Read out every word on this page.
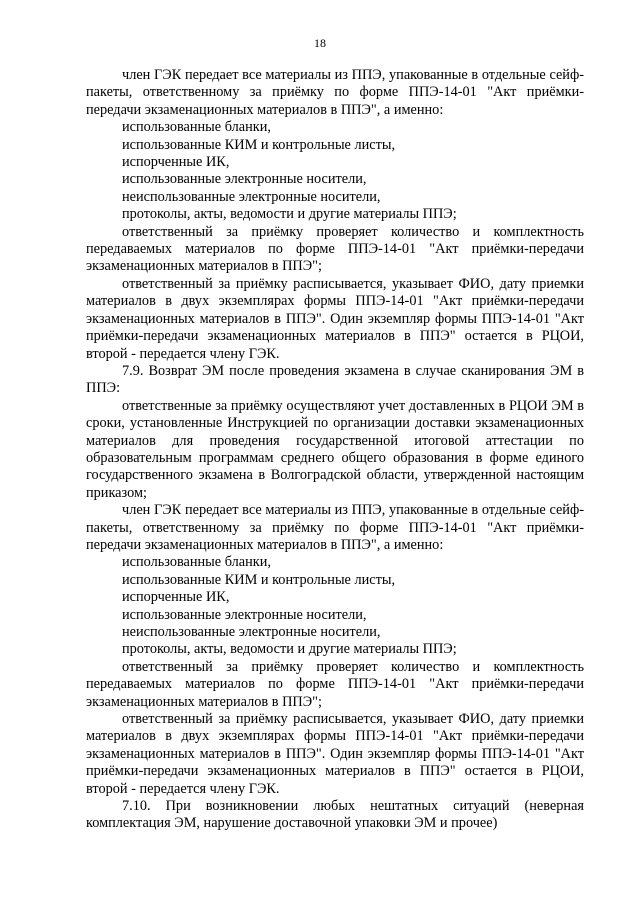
18

член ГЭК передает все материалы из ППЭ, упакованные в отдельные сейф-пакеты, ответственному за приёмку по форме ППЭ-14-01 "Акт приёмки-передачи экзаменационных материалов в ППЭ", а именно:

использованные бланки,

использованные КИМ и контрольные листы,

испорченные ИК,

использованные электронные носители,

неиспользованные электронные носители,

протоколы, акты, ведомости и другие материалы ППЭ;

ответственный за приёмку проверяет количество и комплектность передаваемых материалов по форме ППЭ-14-01 "Акт приёмки-передачи экзаменационных материалов в ППЭ";

ответственный за приёмку расписывается, указывает ФИО, дату приемки материалов в двух экземплярах формы ППЭ-14-01 "Акт приёмки-передачи экзаменационных материалов в ППЭ". Один экземпляр формы ППЭ-14-01 "Акт приёмки-передачи экзаменационных материалов в ППЭ" остается в РЦОИ, второй - передается члену ГЭК.

7.9. Возврат ЭМ после проведения экзамена в случае сканирования ЭМ в ППЭ:

ответственные за приёмку осуществляют учет доставленных в РЦОИ ЭМ в сроки, установленные Инструкцией по организации доставки экзаменационных материалов для проведения государственной итоговой аттестации по образовательным программам среднего общего образования в форме единого государственного экзамена в Волгоградской области, утвержденной настоящим приказом;

член ГЭК передает все материалы из ППЭ, упакованные в отдельные сейф-пакеты, ответственному за приёмку по форме ППЭ-14-01 "Акт приёмки-передачи экзаменационных материалов в ППЭ", а именно:

использованные бланки,

использованные КИМ и контрольные листы,

испорченные ИК,

использованные электронные носители,

неиспользованные электронные носители,

протоколы, акты, ведомости и другие материалы ППЭ;

ответственный за приёмку проверяет количество и комплектность передаваемых материалов по форме ППЭ-14-01 "Акт приёмки-передачи экзаменационных материалов в ППЭ";

ответственный за приёмку расписывается, указывает ФИО, дату приемки материалов в двух экземплярах формы ППЭ-14-01 "Акт приёмки-передачи экзаменационных материалов в ППЭ". Один экземпляр формы ППЭ-14-01 "Акт приёмки-передачи экзаменационных материалов в ППЭ" остается в РЦОИ, второй - передается члену ГЭК.

7.10. При возникновении любых нештатных ситуаций (неверная комплектация ЭМ, нарушение доставочной упаковки ЭМ и прочее)
